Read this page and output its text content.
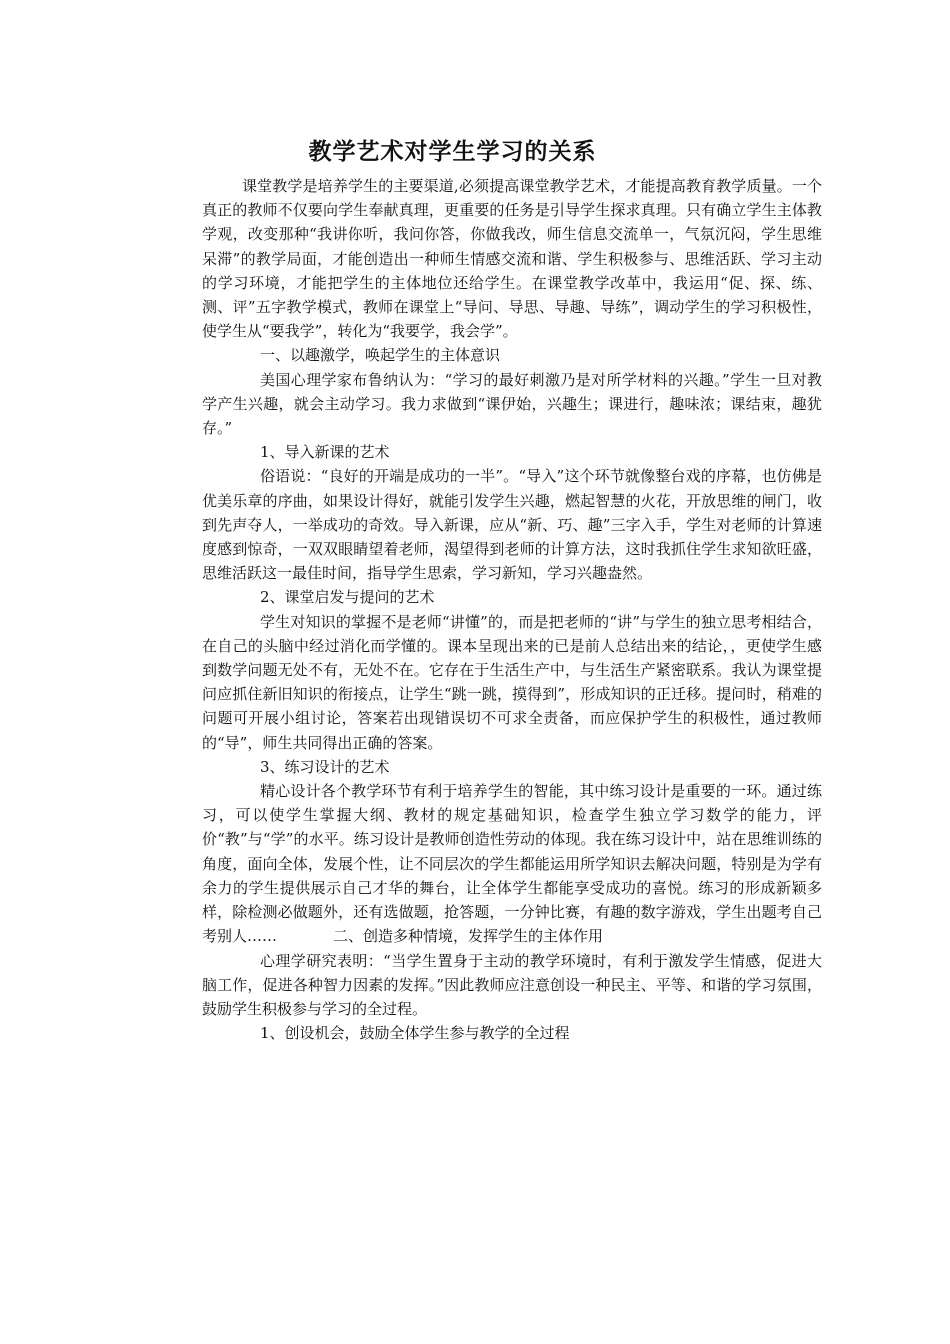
教学艺术对学生学习的关系

课堂教学是培养学生的主要渠道,必须提高课堂教学艺术，才能提高教育教学质量。一个真正的教师不仅要向学生奉献真理，更重要的任务是引导学生探求真理。只有确立学生主体教学观，改变那种“我讲你听，我问你答，你做我改，师生信息交流单一，气氛沉闷，学生思维呆滞”的教学局面，才能创造出一种师生情感交流和谐、学生积极参与、思维活跃、学习主动的学习环境，才能把学生的主体地位还给学生。在课堂教学改革中，我运用“促、探、练、测、评”五字教学模式，教师在课堂上“导问、导思、导趣、导练”，调动学生的学习积极性，使学生从“要我学”，转化为“我要学，我会学”。

一、以趣激学，唤起学生的主体意识

美国心理学家布鲁纳认为：“学习的最好刺激乃是对所学材料的兴趣。”学生一旦对教学产生兴趣，就会主动学习。我力求做到“课伊始，兴趣生；课进行，趣味浓；课结束，趣犹存。”

1、导入新课的艺术

俗语说：“良好的开端是成功的一半”。“导入”这个环节就像整台戏的序幕，也仿佛是优美乐章的序曲，如果设计得好，就能引发学生兴趣，燃起智慧的火花，开放思维的闸门，收到先声夺人，一举成功的奇效。导入新课，应从“新、巧、趣”三字入手，学生对老师的计算速度感到惊奇，一双双眼睛望着老师，渴望得到老师的计算方法，这时我抓住学生求知欲旺盛，思维活跃这一最佳时间，指导学生思索，学习新知，学习兴趣盎然。

2、课堂启发与提问的艺术

学生对知识的掌握不是老师“讲懂”的，而是把老师的“讲”与学生的独立思考相结合，在自己的头脑中经过消化而学懂的。课本呈现出来的已是前人总结出来的结论，，更使学生感到数学问题无处不有，无处不在。它存在于生活生产中，与生活生产紧密联系。我认为课堂提问应抓住新旧知识的衔接点，让学生“跳一跳，摸得到”，形成知识的正迁移。提问时，稍难的问题可开展小组讨论，答案若出现错误切不可求全责备，而应保护学生的积极性，通过教师的“导”，师生共同得出正确的答案。

3、练习设计的艺术

精心设计各个教学环节有利于培养学生的智能，其中练习设计是重要的一环。通过练习，可以使学生掌握大纲、教材的规定基础知识，检查学生独立学习数学的能力，评价“教”与“学”的水平。练习设计是教师创造性劳动的体现。我在练习设计中，站在思维训练的角度，面向全体，发展个性，让不同层次的学生都能运用所学知识去解决问题，特别是为学有余力的学生提供展示自己才华的舞台，让全体学生都能享受成功的喜悦。练习的形成新颖多样，除检测必做题外，还有选做题，抢答题，一分钟比赛，有趣的数字游戏，学生出题考自己考别人……	二、创造多种情境，发挥学生的主体作用

心理学研究表明：“当学生置身于主动的教学环境时，有利于激发学生情感，促进大脑工作，促进各种智力因素的发挥。”因此教师应注意创设一种民主、平等、和谐的学习氛围，鼓励学生积极参与学习的全过程。

1、创设机会，鼓励全体学生参与教学的全过程
